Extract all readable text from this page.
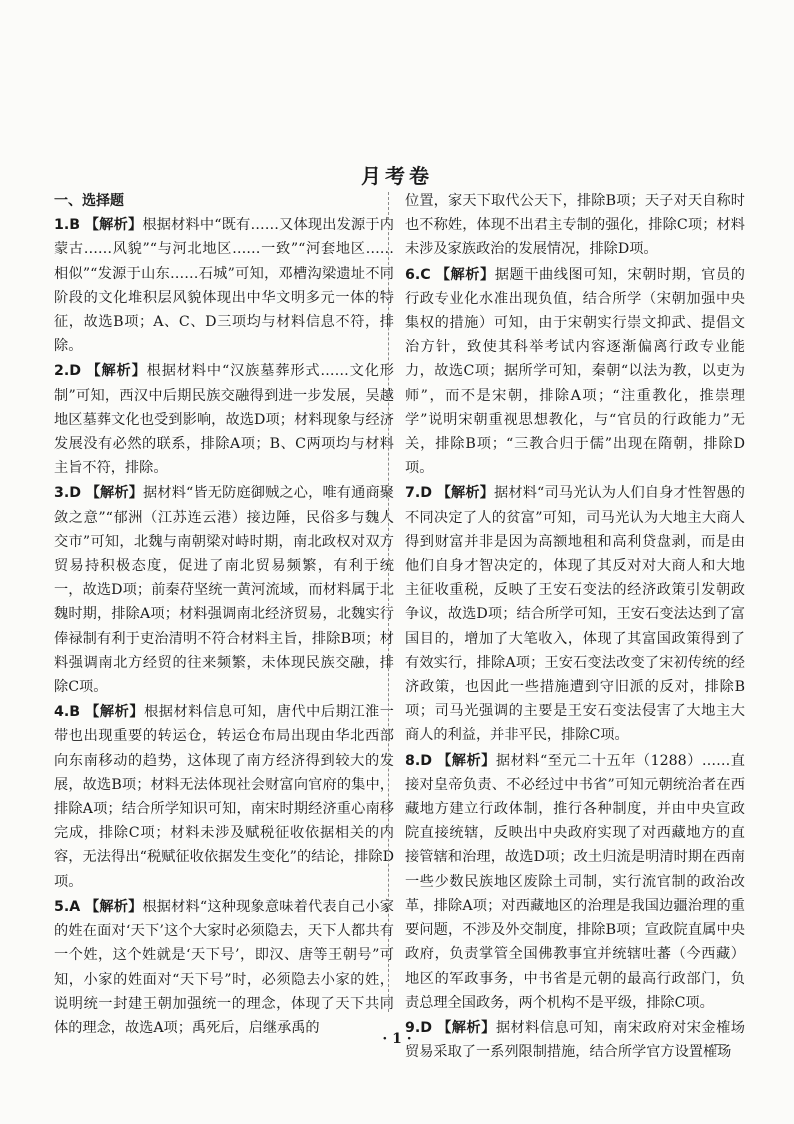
月考卷
一、选择题
1.B 【解析】根据材料中“既有……又体现出发源于内蒙古……风貌”“与河北地区……一致”“河套地区……相似”“发源于山东……石城”可知，邓槽沟梁遗址不同阶段的文化堆积层风貌体现出中华文明多元一体的特征，故选B项；A、C、D三项均与材料信息不符，排除。
2.D 【解析】根据材料中“汉族墓葬形式……文化形制”可知，西汉中后期民族交融得到进一步发展，吴越地区墓葬文化也受到影响，故选D项；材料现象与经济发展没有必然的联系，排除A项；B、C两项均与材料主旨不符，排除。
3.D 【解析】据材料“皆无防庭御贼之心，唯有通商聚敛之意”“郁洲（江苏连云港）接边陲，民俗多与魏人交市”可知，北魏与南朝梁对峙时期，南北政权对双方贸易持积极态度，促进了南北贸易频繁，有利于统一，故选D项；前秦苻坚统一黄河流域，而材料属于北魏时期，排除A项；材料强调南北经济贸易，北魏实行俸禄制有利于吏治清明不符合材料主旨，排除B项；材料强调南北方经贸的往来频繁，未体现民族交融，排除C项。
4.B 【解析】根据材料信息可知，唐代中后期江淮一带也出现重要的转运仓，转运仓布局出现由华北西部向东南移动的趋势，这体现了南方经济得到较大的发展，故选B项；材料无法体现社会财富向官府的集中，排除A项；结合所学知识可知，南宋时期经济重心南移完成，排除C项；材料未涉及赋税征收依据相关的内容，无法得出“税赋征收依据发生变化”的结论，排除D项。
5.A 【解析】根据材料“这种现象意味着代表自己小家的姓在面对‘天下’这个大家时必须隐去，天下人都共有一个姓，这个姓就是‘天下号’，即汉、唐等王朝号”可知，小家的姓面对“天下号”时，必须隐去小家的姓，说明统一封建王朝加强统一的理念，体现了天下共同体的理念，故选A项；禹死后，启继承禹的
位置，家天下取代公天下，排除B项；天子对天自称时也不称姓，体现不出君主专制的强化，排除C项；材料未涉及家族政治的发展情况，排除D项。
6.C 【解析】据题干曲线图可知，宋朝时期，官员的行政专业化水准出现负值，结合所学（宋朝加强中央集权的措施）可知，由于宋朝实行崇文抑武、提倡文治方针，致使其科举考试内容逐渐偏离行政专业能力，故选C项；据所学可知，秦朝“以法为教，以吏为师”，而不是宋朝，排除A项；“注重教化，推崇理学”说明宋朝重视思想教化，与“官员的行政能力”无关，排除B项；“三教合归于儒”出现在隋朝，排除D项。
7.D 【解析】据材料“司马光认为人们自身才性智愚的不同决定了人的贫富”可知，司马光认为大地主大商人得到财富并非是因为高额地租和高利贷盘剥，而是由他们自身才智决定的，体现了其反对对大商人和大地主征收重税，反映了王安石变法的经济政策引发朝政争议，故选D项；结合所学可知，王安石变法达到了富国目的，增加了大笔收入，体现了其富国政策得到了有效实行，排除A项；王安石变法改变了宋初传统的经济政策，也因此一些措施遭到守旧派的反对，排除B项；司马光强调的主要是王安石变法侵害了大地主大商人的利益，并非平民，排除C项。
8.D 【解析】据材料“至元二十五年（1288）……直接对皇帝负责、不必经过中书省”可知元朝统治者在西藏地方建立行政体制，推行各种制度，并由中央宣政院直接统辖，反映出中央政府实现了对西藏地方的直接管辖和治理，故选D项；改土归流是明清时期在西南一些少数民族地区废除土司制，实行流官制的政治改革，排除A项；对西藏地区的治理是我国边疆治理的重要问题，不涉及外交制度，排除B项；宣政院直属中央政府，负责掌管全国佛教事宜并统辖吐蕃（今西藏）地区的军政事务，中书省是元朝的最高行政部门，负责总理全国政务，两个机构不是平级，排除C项。
9.D 【解析】据材料信息可知，南宋政府对宋金榷场贸易采取了一系列限制措施，结合所学官方设置榷场
· 1 ·
